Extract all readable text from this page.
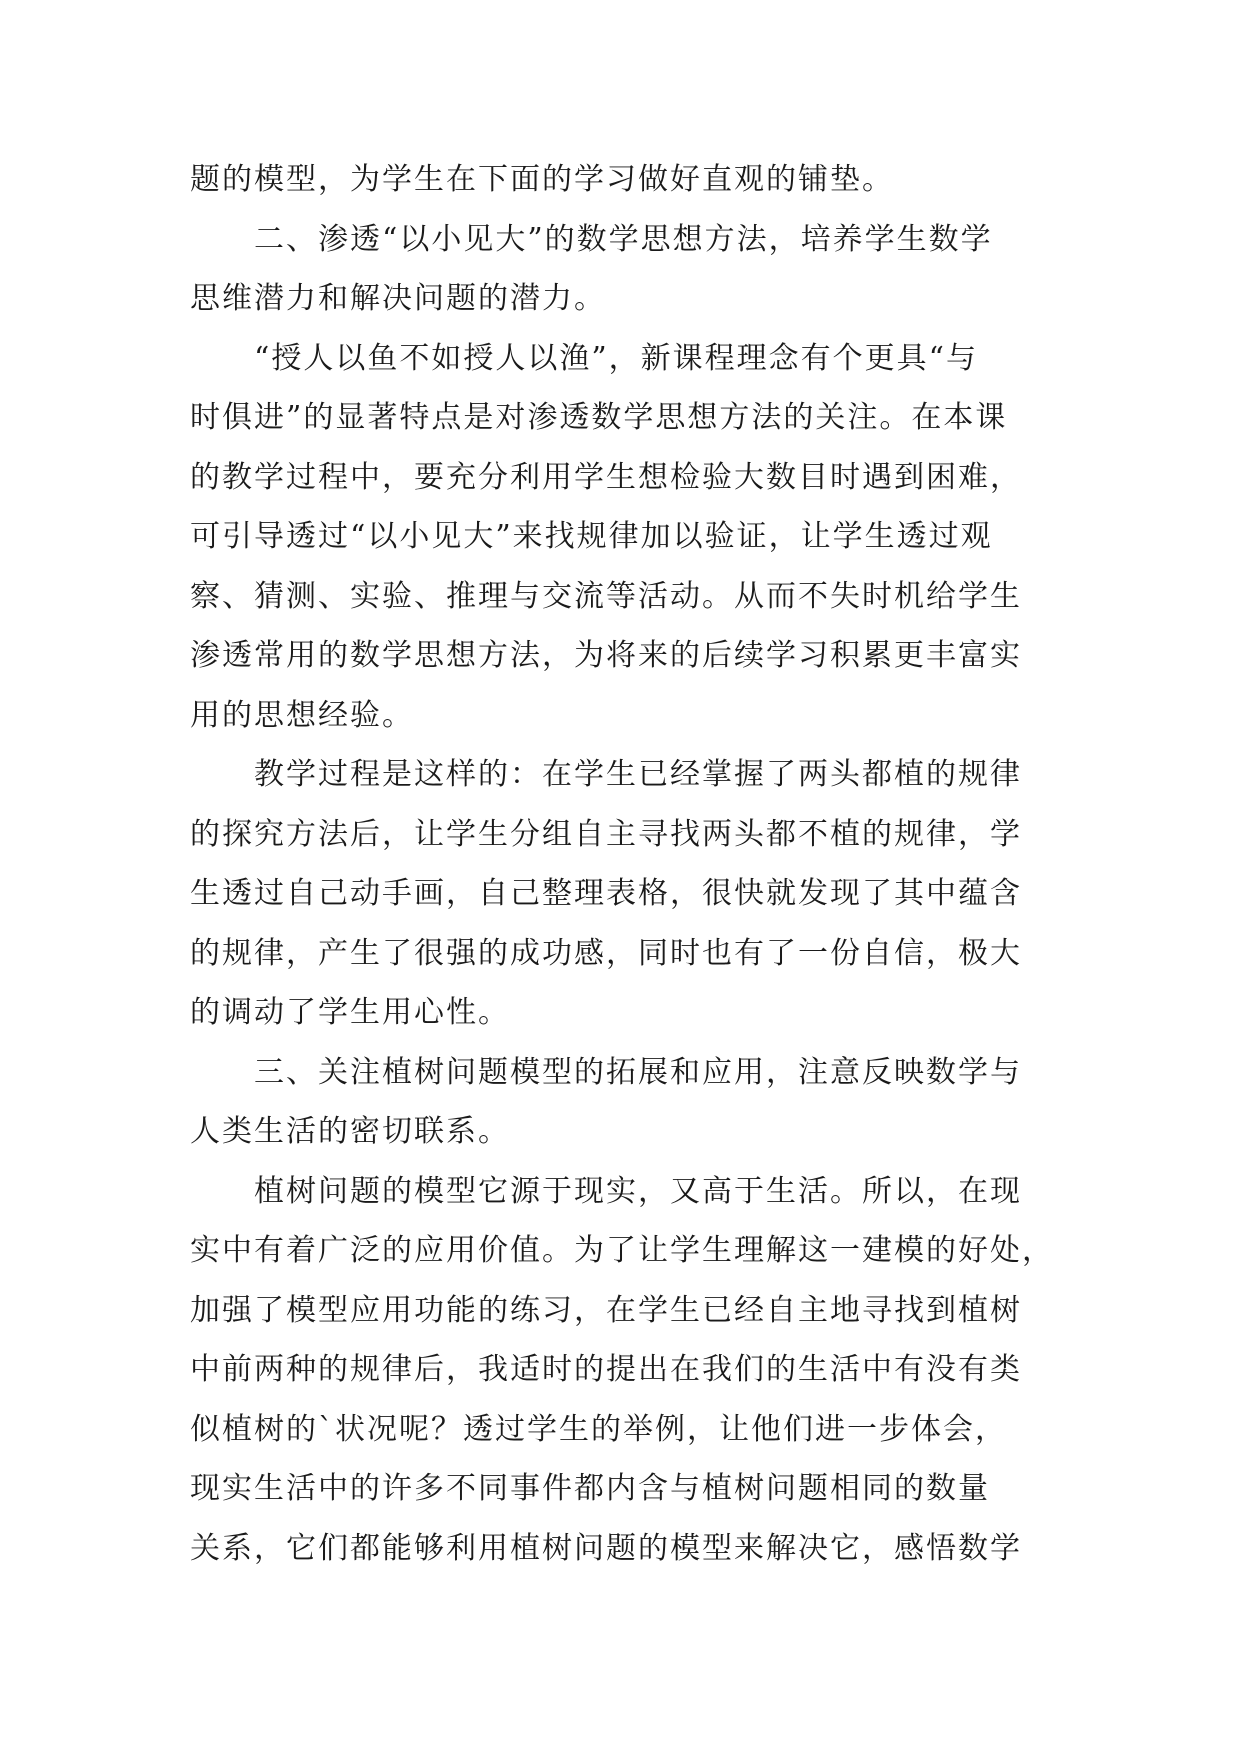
题的模型，为学生在下面的学习做好直观的铺垫。
二、渗透“以小见大”的数学思想方法，培养学生数学
思维潜力和解决问题的潜力。
“授人以鱼不如授人以渔”，新课程理念有个更具“与
时俱进”的显著特点是对渗透数学思想方法的关注。在本课
的教学过程中，要充分利用学生想检验大数目时遇到困难，
可引导透过“以小见大”来找规律加以验证，让学生透过观
察、猜测、实验、推理与交流等活动。从而不失时机给学生
渗透常用的数学思想方法，为将来的后续学习积累更丰富实
用的思想经验。
教学过程是这样的：在学生已经掌握了两头都植的规律
的探究方法后，让学生分组自主寻找两头都不植的规律，学
生透过自己动手画，自己整理表格，很快就发现了其中蕴含
的规律，产生了很强的成功感，同时也有了一份自信，极大
的调动了学生用心性。
三、关注植树问题模型的拓展和应用，注意反映数学与
人类生活的密切联系。
植树问题的模型它源于现实，又高于生活。所以，在现
实中有着广泛的应用价值。为了让学生理解这一建模的好处，
加强了模型应用功能的练习，在学生已经自主地寻找到植树
中前两种的规律后，我适时的提出在我们的生活中有没有类
似植树的`状况呢？透过学生的举例，让他们进一步体会，
现实生活中的许多不同事件都内含与植树问题相同的数量
关系，它们都能够利用植树问题的模型来解决它，感悟数学
